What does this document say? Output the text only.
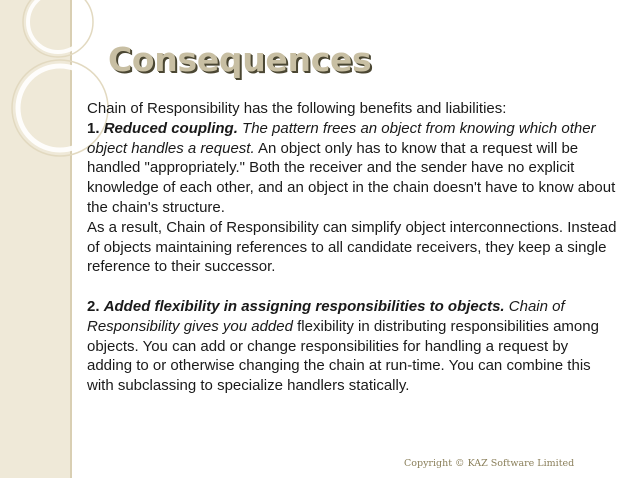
Consequences

Chain of Responsibility has the following benefits and liabilities:

1. Reduced coupling. The pattern frees an object from knowing which other object handles a request. An object only has to know that a request will be handled "appropriately." Both the receiver and the sender have no explicit knowledge of each other, and an object in the chain doesn't have to know about the chain's structure.

As a result, Chain of Responsibility can simplify object interconnections. Instead of objects maintaining references to all candidate receivers, they keep a single reference to their successor.

2. Added flexibility in assigning responsibilities to objects. Chain of Responsibility gives you added flexibility in distributing responsibilities among objects. You can add or change responsibilities for handling a request by adding to or otherwise changing the chain at run-time. You can combine this with subclassing to specialize handlers statically.

Copyright © KAZ Software Limited
